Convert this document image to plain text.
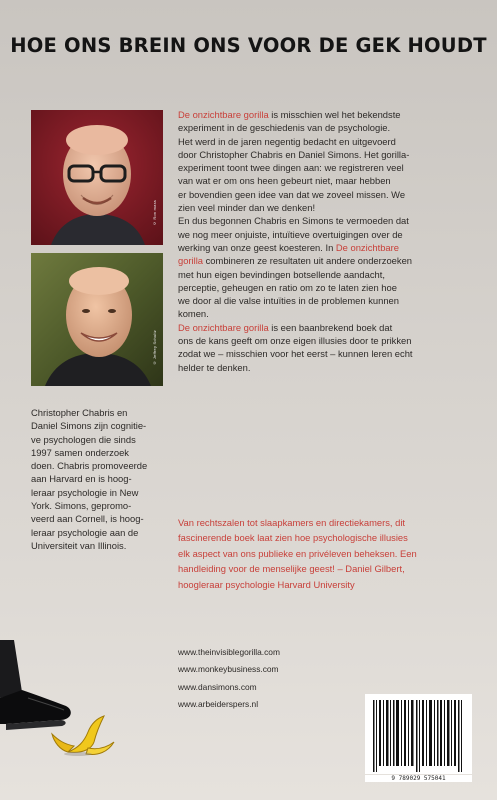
HOE ONS BREIN ONS VOOR DE GEK HOUDT
© Ron mass
© Jeffrey Schultz

De onzichtbare gorilla is misschien wel het bekendste
experiment in de geschiedenis van de psychologie.
Het werd in de jaren negentig bedacht en uitgevoerd
door Christopher Chabris en Daniel Simons. Het gorilla-
experiment toont twee dingen aan: we registreren veel
van wat er om ons heen gebeurt niet, maar hebben
er bovendien geen idee van dat we zoveel missen. We
zien veel minder dan we denken!

En dus begonnen Chabris en Simons te vermoeden dat
we nog meer onjuiste, intuïtieve overtuigingen over de
werking van onze geest koesteren. In De onzichtbare
gorilla combineren ze resultaten uit andere onderzoeken
met hun eigen bevindingen botsellende aandacht,
perceptie, geheugen en ratio om zo te laten zien hoe
we door al die valse intuïties in de problemen kunnen
komen.

De onzichtbare gorilla is een baanbrekend boek dat
ons de kans geeft om onze eigen illusies door te prikken
zodat we – misschien voor het eerst – kunnen leren echt
helder te denken.

Christopher Chabris en
Daniel Simons zijn cognitie-
ve psychologen die sinds
1997 samen onderzoek
doen. Chabris promoveerde
aan Harvard en is hoog-
leraar psychologie in New
York. Simons, gepromo-
veerd aan Cornell, is hoog-
leraar psychologie aan de
Universiteit van Illinois.
Van rechtszalen tot slaapkamers en directiekamers, dit
fascinerende boek laat zien hoe psychologische illusies
elk aspect van ons publieke en privéleven beheksen. Een
handleiding voor de menselijke geest! – Daniel Gilbert,
hoogleraar psychologie Harvard University
www.theinvisiblegorilla.com
www.monkeybusiness.com
www.dansimons.com
www.arbeiderspers.nl
9 789029 575041
